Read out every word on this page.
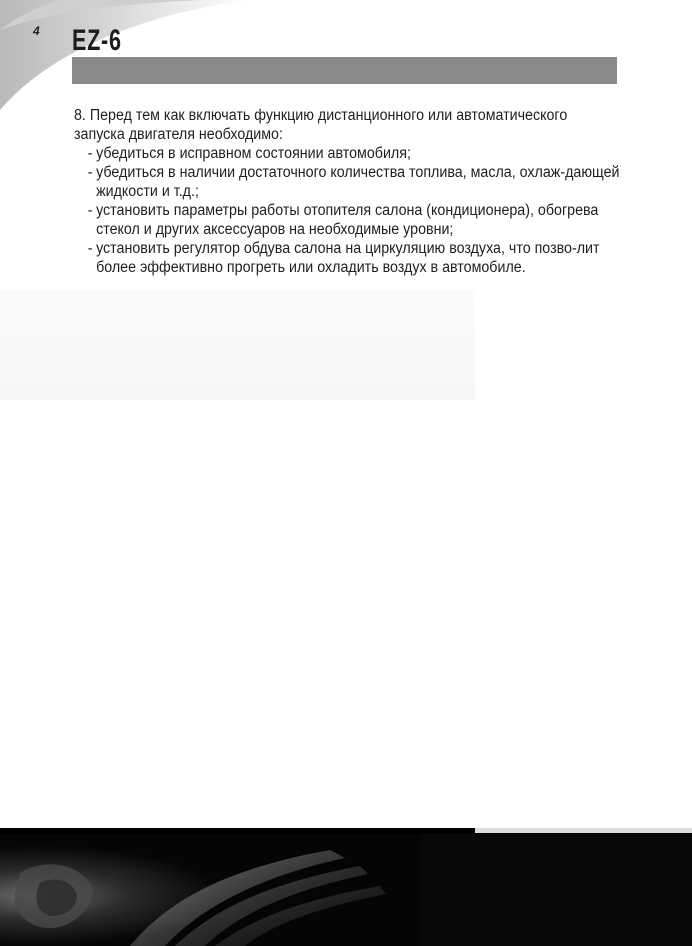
4 EZ-6

8. Перед тем как включать функцию дистанционного или автоматического запуска двигателя необходимо:

- убедиться в исправном состоянии автомобиля;
- убедиться в наличии достаточного количества топлива, масла, охлаж-дающей жидкости и т.д.;
- установить параметры работы отопителя салона (кондиционера), обогрева стекол и других аксессуаров на необходимые уровни;
- установить регулятор обдува салона на циркуляцию воздуха, что позво-лит более эффективно прогреть или охладить воздух в автомобиле.
